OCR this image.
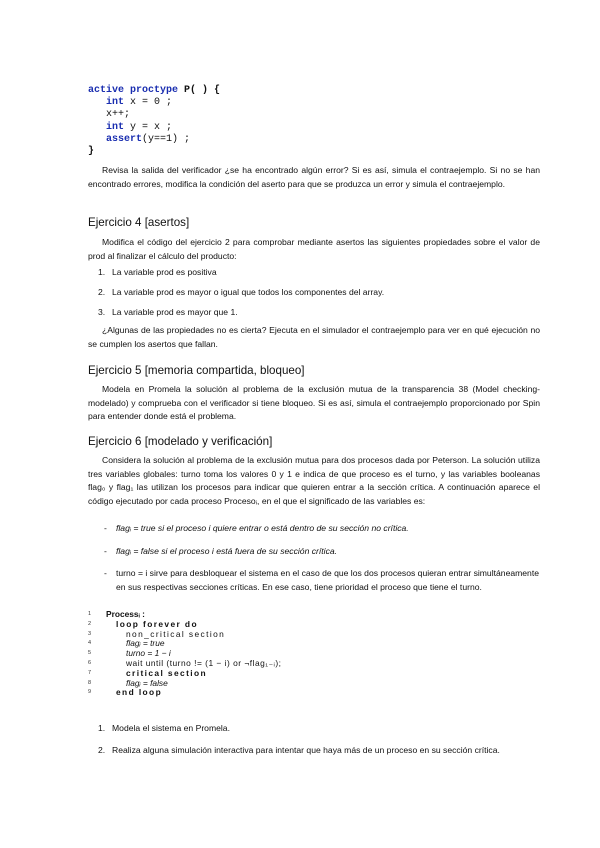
active proctype P( ) {
int x = 0 ;
x++;
int y = x ;
assert(y==1) ;
}

Revisa la salida del verificador ¿se ha encontrado algún error? Si es así, simula el contraejemplo. Si no se han encontrado errores, modifica la condición del aserto para que se produzca un error y simula el contraejemplo.

Ejercicio 4 [asertos]

Modifica el código del ejercicio 2 para comprobar mediante asertos las siguientes propiedades sobre el valor de prod al finalizar el cálculo del producto:

1. La variable prod es positiva
2. La variable prod es mayor o igual que todos los componentes del array.
3. La variable prod es mayor que 1.

¿Algunas de las propiedades no es cierta? Ejecuta en el simulador el contraejemplo para ver en qué ejecución no se cumplen los asertos que fallan.

Ejercicio 5 [memoria compartida, bloqueo]

Modela en Promela la solución al problema de la exclusión mutua de la transparencia 38 (Model checking-modelado) y comprueba con el verificador si tiene bloqueo. Si es así, simula el contraejemplo proporcionado por Spin para entender donde está el problema.

Ejercicio 6 [modelado y verificación]

Considera la solución al problema de la exclusión mutua para dos procesos dada por Peterson. La solución utiliza tres variables globales: turno toma los valores 0 y 1 e indica de que proceso es el turno, y las variables booleanas flag₀ y flag₁ las utilizan los procesos para indicar que quieren entrar a la sección crítica. A continuación aparece el código ejecutado por cada proceso Procesoᵢ, en el que el significado de las variables es:

- flagᵢ = true si el proceso i quiere entrar o está dentro de su sección no crítica.
- flagᵢ = false si el proceso i está fuera de su sección crítica.
- turno = i sirve para desbloquear el sistema en el caso de que los dos procesos quieran entrar simultáneamente en sus respectivas secciones críticas. En ese caso, tiene prioridad el proceso que tiene el turno.
1	Processᵢ :
2	loop forever do
3	non_critical section
4	flagᵢ = true
5	turno = 1 − i
6	wait until (turno != (1 − i) or ¬flag₁₋ᵢ);
7	critical section
8	flagᵢ = false
9	end loop
1. Modela el sistema en Promela.
2. Realiza alguna simulación interactiva para intentar que haya más de un proceso en su sección crítica.
